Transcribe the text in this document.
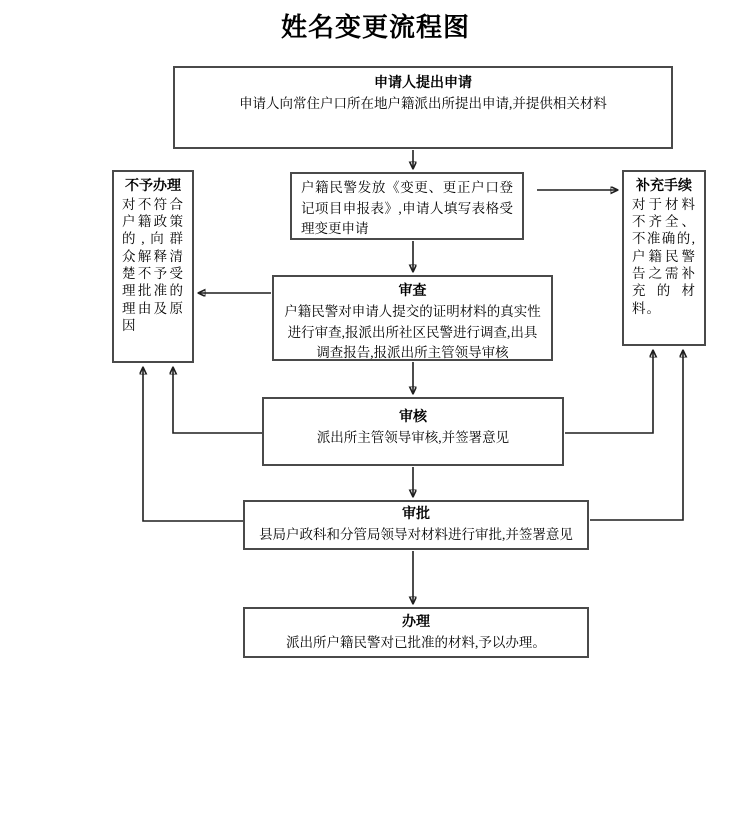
姓名变更流程图
申请人提出申请
申请人向常住户口所在地户籍派出所提出申请,并提供相关材料
户籍民警发放《变更、更正户口登记项目申报表》,申请人填写表格受理变更申请
不予办理
对不符合户籍政策的,向群众解释清楚不予受理批准的理由及原因
补充手续
对于材料不齐全、不准确的,户籍民警告之需补充的材料。
审查
户籍民警对申请人提交的证明材料的真实性进行审查,报派出所社区民警进行调查,出具调查报告,报派出所主管领导审核
审核
派出所主管领导审核,并签署意见
审批
县局户政科和分管局领导对材料进行审批,并签署意见
办理
派出所户籍民警对已批准的材料,予以办理。
